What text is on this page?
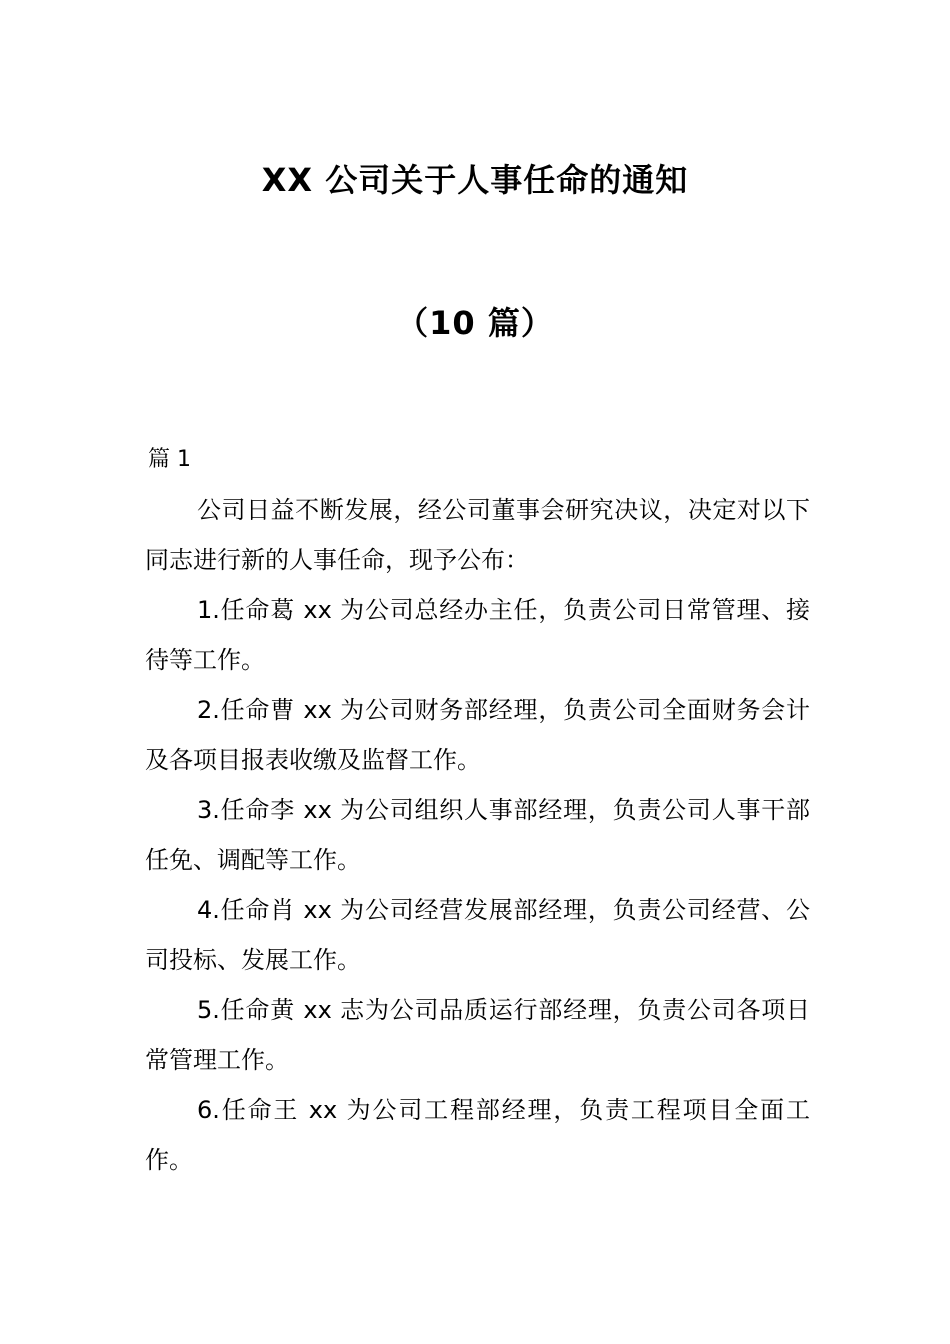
XX 公司关于人事任命的通知
（10 篇）
篇 1

公司日益不断发展，经公司董事会研究决议，决定对以下同志进行新的人事任命，现予公布：

1.任命葛 xx 为公司总经办主任，负责公司日常管理、接待等工作。

2.任命曹 xx 为公司财务部经理，负责公司全面财务会计及各项目报表收缴及监督工作。

3.任命李 xx 为公司组织人事部经理，负责公司人事干部任免、调配等工作。

4.任命肖 xx 为公司经营发展部经理，负责公司经营、公司投标、发展工作。

5.任命黄 xx 志为公司品质运行部经理，负责公司各项日常管理工作。

6.任命王 xx 为公司工程部经理，负责工程项目全面工作。
